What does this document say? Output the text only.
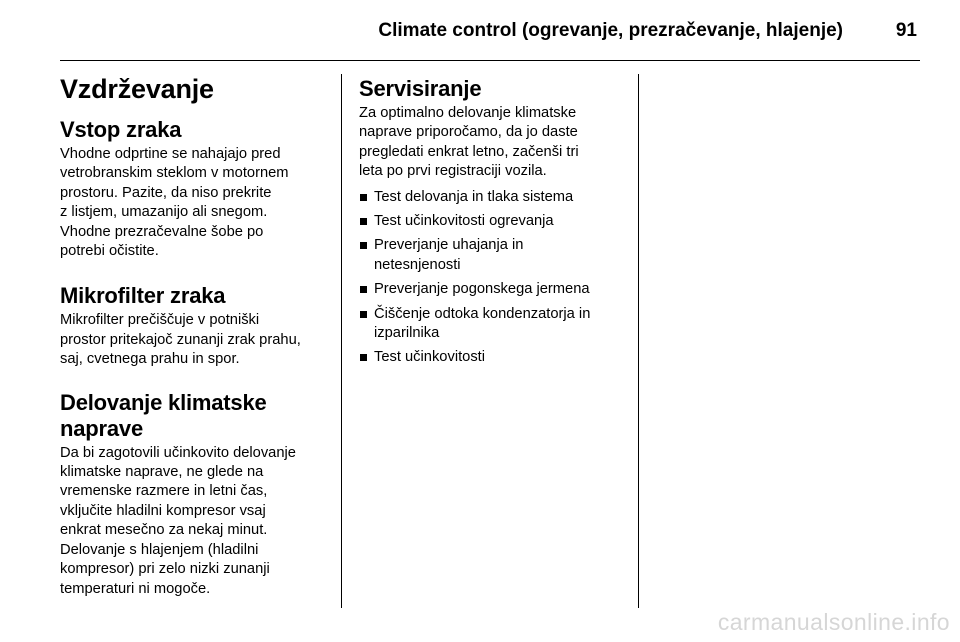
Climate control (ogrevanje, prezračevanje, hlajenje)	91
Vzdrževanje
Vstop zraka

Vhodne odprtine se nahajajo pred
vetrobranskim steklom v motornem
prostoru. Pazite, da niso prekrite
z listjem, umazanijo ali snegom.
Vhodne prezračevalne šobe po
potrebi očistite.

Mikrofilter zraka

Mikrofilter prečiščuje v potniški
prostor pritekajoč zunanji zrak prahu,
saj, cvetnega prahu in spor.

Delovanje klimatske
naprave

Da bi zagotovili učinkovito delovanje
klimatske naprave, ne glede na
vremenske razmere in letni čas,
vključite hladilni kompresor vsaj
enkrat mesečno za nekaj minut.
Delovanje s hlajenjem (hladilni
kompresor) pri zelo nizki zunanji
temperaturi ni mogoče.

Servisiranje

Za optimalno delovanje klimatske
naprave priporočamo, da jo daste
pregledati enkrat letno, začenši tri
leta po prvi registraciji vozila.

Test delovanja in tlaka sistema
Test učinkovitosti ogrevanja
Preverjanje uhajanja in
netesnjenosti
Preverjanje pogonskega jermena
Čiščenje odtoka kondenzatorja in
izparilnika
Test učinkovitosti
carmanualsonline.info
